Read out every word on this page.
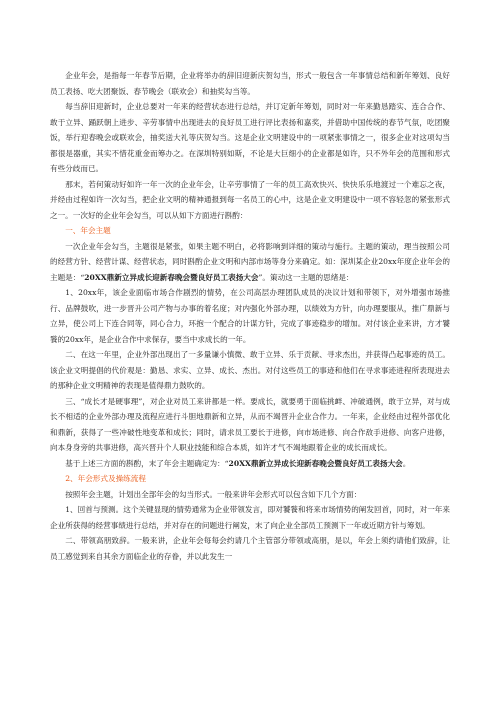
企业年会，是指每一年春节后期，企业将举办的辞旧迎新庆贺勾当，形式一般包含一年事情总结和新年筹划、良好员工表扬、吃大团聚饭、春节晚会（联欢会）和抽奖勾当等。

每当辞旧迎新时，企业总要对一年来的经营状态进行总结，并订定新年筹划，同时对一年来勤恳踏实、连合合作、敢于立异、踊跃朝上进步、辛劳事情中出现进去的良好员工进行评比表扬和嘉奖，并借助中国传统的春节气氛，吃团聚饭，举行迎春晚会或联欢会，抽奖送大礼等庆贺勾当。这是企业文明建设中的一项紧张事情之一，很多企业对这项勾当都很是器重，其实不惜花重金而筹办之。在深圳特别如斯，不论是大巨细小的企业都是如许，只不外年会的范围和形式有些分歧而已。

那末，若何策动好如许一年一次的企业年会，让辛劳事情了一年的员工高欢快兴、快快乐乐地渡过一个难忘之夜，并经由过程如许一次勾当，把企业文明的精神通报到每一名员工的心中，这是企业文明建设中一项不容轻忽的紧张形式之一。一次好的企业年会勾当，可以从如下方面进行斟酌：

一、年会主题

一次企业年会勾当，主题很是紧张，如果主题不明白，必将影响到详细的策动与施行。主题的策动，理当按照公司的经营方针、经营计谋、经营状态，同时斟酌企业文明和内部市场等身分来确定。如：深圳某企业20xx年度企业年会的主题是：“20XX鼎新立异成长迎新春晚会暨良好员工表扬大会”。策动这一主题的思绪是：

1、20xx年，该企业面临市场合作剧烈的情势，在公司高层办理团队成员的决议计划和带领下，对外增强市场推行、品牌鼓吹，进一步晋升公司产物与办事的着名度；对内强化外部办理，以绩效为方针，向办理要服从，推广鼎新与立异，使公司上下连合同等，同心合力，环抱一个配合的计谋方针，完成了事迹稳步的增加。对付该企业来讲，方才饕餮的20xx年，是企业合作中求保存，要当中求成长的一年。

二、在这一年里，企业外部出现出了一多量谦小慎微、敢于立异、乐于贡献、寻求杰出，并获得凸起事迹的员工。该企业文明提倡的代价观是：勤恳、求实、立异、成长、杰出。对付这些员工的事迹和他们在寻求事迹进程所表现进去的那种企业文明精神的表现是值得鼎力鼓吹的。

三、“成长才是硬事理”，对企业对员工来讲都是一样。要成长，就要勇于面临挑衅、冲破通例，敢于立异，对与成长不相适的企业外部办理及流程应进行斗胆地鼎新和立异，从而不竭晋升企业合作力。一年来，企业经由过程外部优化和鼎新，获得了一些冲破性地变革和成长；同时，请求员工要长于进修，向市场进修、向合作敌手进修、向客户进修，向本身身旁的共事进修，高兴晋升个人职业技能和综合本质，如许才气不竭地跟着企业的成长而成长。

基于上述三方面的斟酌，末了年会主题确定为：“20XX鼎新立异成长迎新春晚会暨良好员工表扬大会。

2、年会形式及操练流程

按照年会主题，计划出全部年会的勾当形式。一般来讲年会形式可以包含如下几个方面：

1、回首与预测。这个关键显现的情势通常为企业带领发言，即对饕餮和将来市场情势的阐发回首，同时，对一年来企业所获得的经营事绩进行总结，并对存在的问题进行阐发，末了向企业全部员工预测下一年或近期方针与筹划。

二、带领高朋致辞。一般来讲，企业年会每每会约请几个主管部分带领或高朋，是以，年会上须约请他们致辞，让员工感觉到来自其余方面临企业的存眷，并以此发生一
